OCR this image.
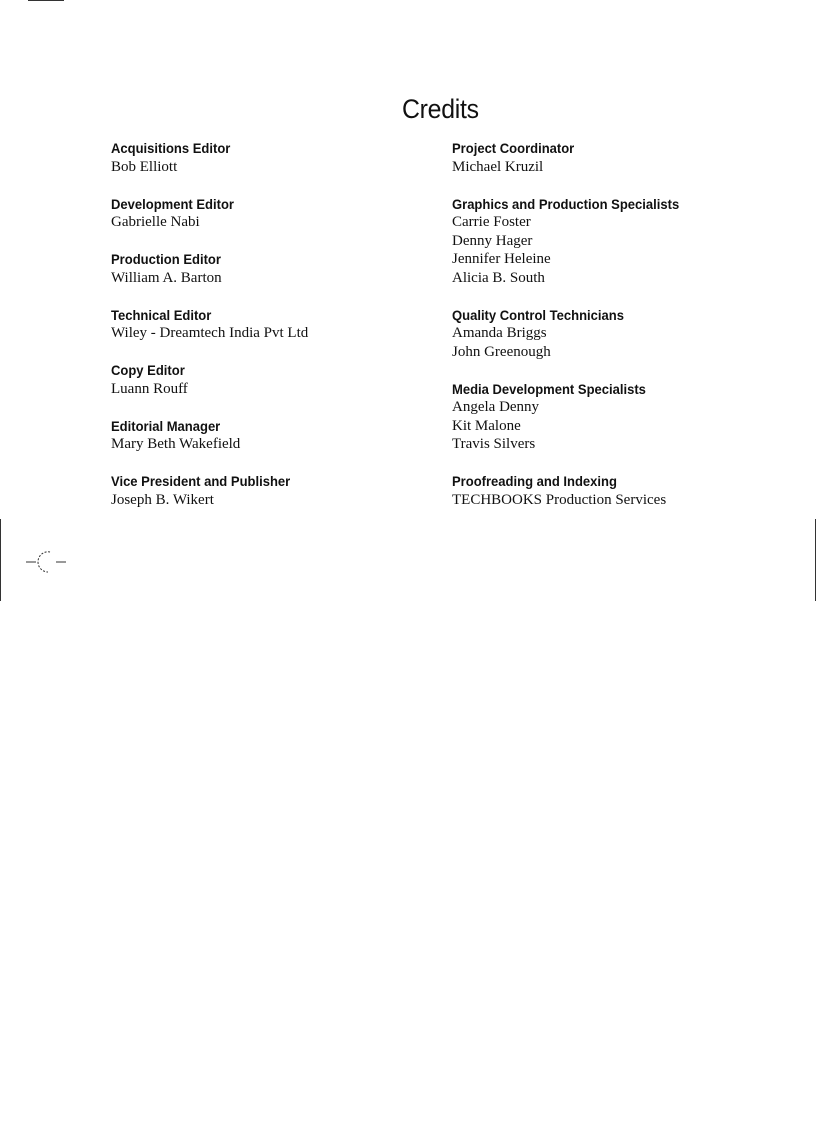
Credits
Acquisitions Editor
Bob Elliott
Development Editor
Gabrielle Nabi
Production Editor
William A. Barton
Technical Editor
Wiley - Dreamtech India Pvt Ltd
Copy Editor
Luann Rouff
Editorial Manager
Mary Beth Wakefield
Vice President and Publisher
Joseph B. Wikert
Project Coordinator
Michael Kruzil
Graphics and Production Specialists
Carrie Foster
Denny Hager
Jennifer Heleine
Alicia B. South
Quality Control Technicians
Amanda Briggs
John Greenough
Media Development Specialists
Angela Denny
Kit Malone
Travis Silvers
Proofreading and Indexing
TECHBOOKS Production Services
